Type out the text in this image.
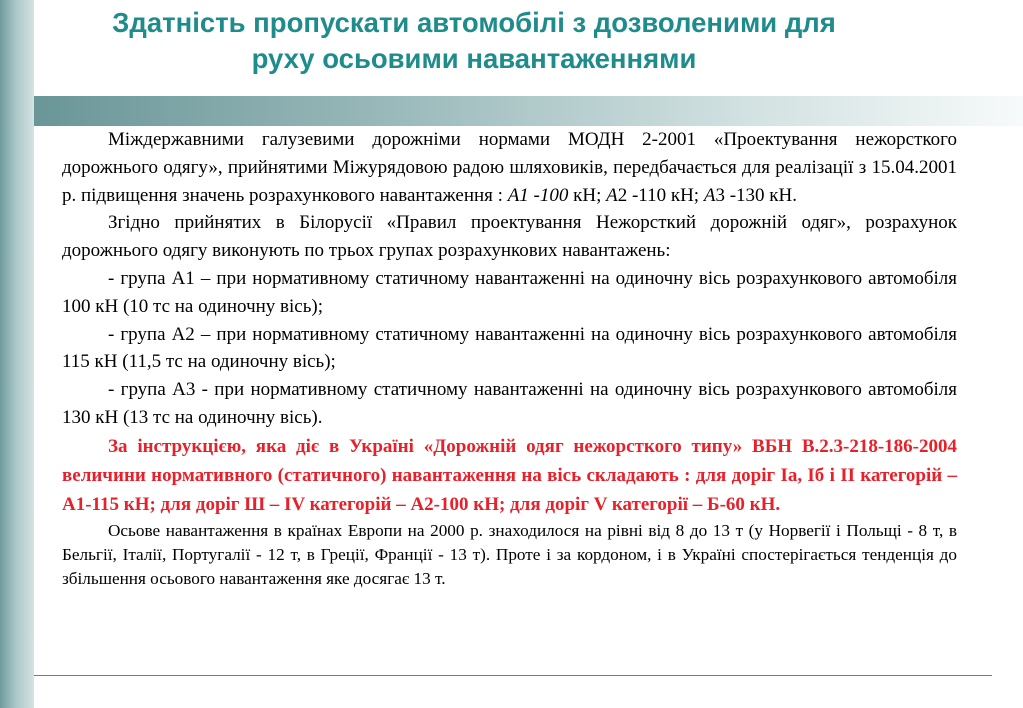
Здатність пропускати автомобілі з дозволеними для
руху осьовими навантаженнями

Міждержавними галузевими дорожніми нормами МОДН 2-2001 «Проектування нежорсткого дорожнього одягу», прийнятими Міжурядовою радою шляховиків, передбачається для реалізації з 15.04.2001 р. підвищення значень розрахункового навантаження : А1 -100 кН; А2 -110 кН; А3 -130 кН.

Згідно прийнятих в Білорусії «Правил проектування Нежорсткий дорожній одяг», розрахунок дорожнього одягу виконують по трьох групах розрахункових навантажень:

- група А1 – при нормативному статичному навантаженні на одиночну вісь розрахункового автомобіля 100 кН (10 тс на одиночну вісь);

- група А2 – при нормативному статичному навантаженні на одиночну вісь розрахункового автомобіля 115 кН (11,5 тс на одиночну вісь);

- група А3 - при нормативному статичному навантаженні на одиночну вісь розрахункового автомобіля 130 кН (13 тс на одиночну вісь).

За інструкцією, яка діє в Україні «Дорожній одяг нежорсткого типу» ВБН В.2.3-218-186-2004 величини нормативного (статичного) навантаження на вісь складають : для доріг Іа, Іб і ІІ категорій – А1-115 кН; для доріг Ш – IV категорій – А2-100 кН; для доріг V категорії – Б-60 кН.

Осьове навантаження в країнах Европи на 2000 р. знаходилося на рівні від 8 до 13 т (у Норвегії і Польщі - 8 т, в Бельгії, Італії, Португалії - 12 т, в Греції, Франції - 13 т). Проте і за кордоном, і в Україні спостерігається тенденція до збільшення осьового навантаження яке досягає 13 т.
